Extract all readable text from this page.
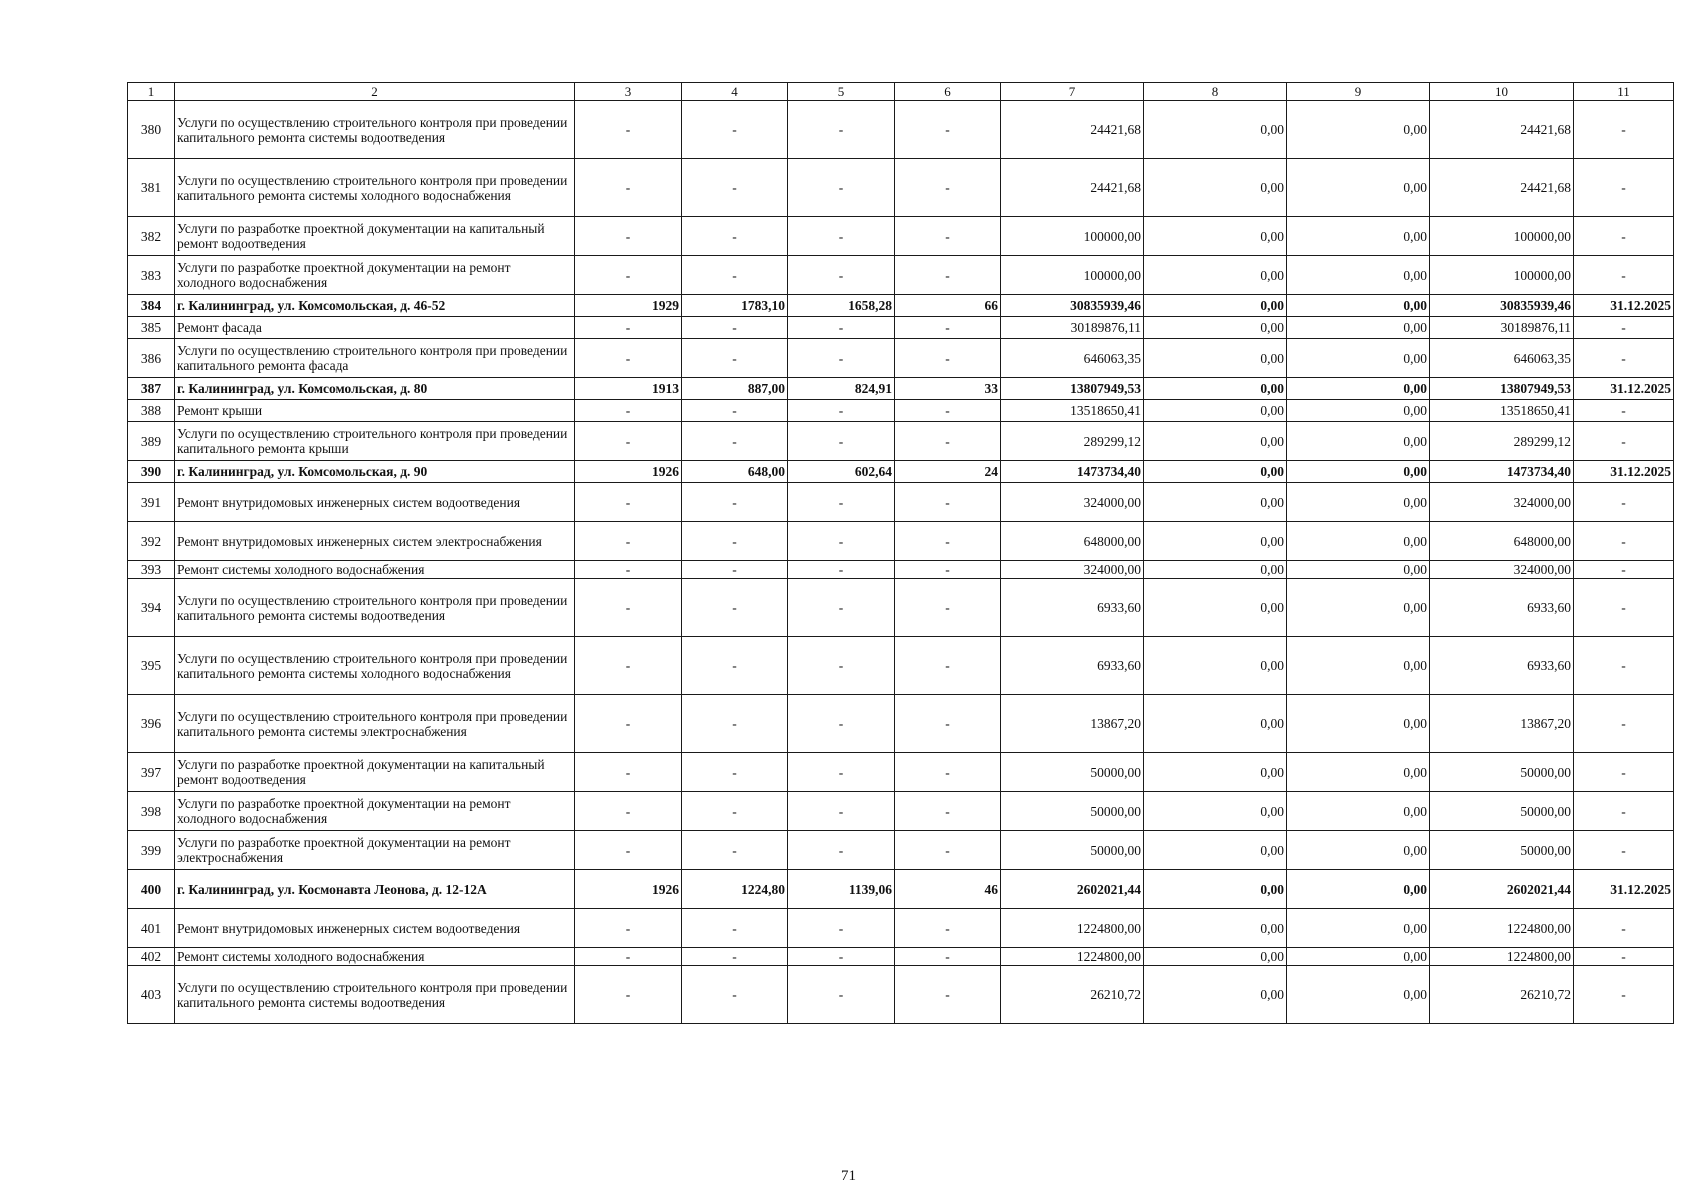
1	2	3	4	5	6	7	8	9	10	11
380	Услуги по осуществлению строительного контроля при проведении капитального ремонта системы водоотведения	-	-	-	-	24421,68	0,00	0,00	24421,68	-
381	Услуги по осуществлению строительного контроля при проведении капитального ремонта системы холодного водоснабжения	-	-	-	-	24421,68	0,00	0,00	24421,68	-
382	Услуги по разработке проектной документации на капитальный ремонт водоотведения	-	-	-	-	100000,00	0,00	0,00	100000,00	-
383	Услуги по разработке проектной документации на ремонт холодного водоснабжения	-	-	-	-	100000,00	0,00	0,00	100000,00	-
384	г. Калининград, ул. Комсомольская, д. 46-52	1929	1783,10	1658,28	66	30835939,46	0,00	0,00	30835939,46	31.12.2025
385	Ремонт фасада	-	-	-	-	30189876,11	0,00	0,00	30189876,11	-
386	Услуги по осуществлению строительного контроля при проведении капитального ремонта фасада	-	-	-	-	646063,35	0,00	0,00	646063,35	-
387	г. Калининград, ул. Комсомольская, д. 80	1913	887,00	824,91	33	13807949,53	0,00	0,00	13807949,53	31.12.2025
388	Ремонт крыши	-	-	-	-	13518650,41	0,00	0,00	13518650,41	-
389	Услуги по осуществлению строительного контроля при проведении капитального ремонта крыши	-	-	-	-	289299,12	0,00	0,00	289299,12	-
390	г. Калининград, ул. Комсомольская, д. 90	1926	648,00	602,64	24	1473734,40	0,00	0,00	1473734,40	31.12.2025
391	Ремонт внутридомовых инженерных систем водоотведения	-	-	-	-	324000,00	0,00	0,00	324000,00	-
392	Ремонт внутридомовых инженерных систем электроснабжения	-	-	-	-	648000,00	0,00	0,00	648000,00	-
393	Ремонт системы холодного водоснабжения	-	-	-	-	324000,00	0,00	0,00	324000,00	-
394	Услуги по осуществлению строительного контроля при проведении капитального ремонта системы водоотведения	-	-	-	-	6933,60	0,00	0,00	6933,60	-
395	Услуги по осуществлению строительного контроля при проведении капитального ремонта системы холодного водоснабжения	-	-	-	-	6933,60	0,00	0,00	6933,60	-
396	Услуги по осуществлению строительного контроля при проведении капитального ремонта системы электроснабжения	-	-	-	-	13867,20	0,00	0,00	13867,20	-
397	Услуги по разработке проектной документации на капитальный ремонт водоотведения	-	-	-	-	50000,00	0,00	0,00	50000,00	-
398	Услуги по разработке проектной документации на ремонт холодного водоснабжения	-	-	-	-	50000,00	0,00	0,00	50000,00	-
399	Услуги по разработке проектной документации на ремонт электроснабжения	-	-	-	-	50000,00	0,00	0,00	50000,00	-
400	г. Калининград, ул. Космонавта Леонова, д. 12-12А	1926	1224,80	1139,06	46	2602021,44	0,00	0,00	2602021,44	31.12.2025
401	Ремонт внутридомовых инженерных систем водоотведения	-	-	-	-	1224800,00	0,00	0,00	1224800,00	-
402	Ремонт системы холодного водоснабжения	-	-	-	-	1224800,00	0,00	0,00	1224800,00	-
403	Услуги по осуществлению строительного контроля при проведении капитального ремонта системы водоотведения	-	-	-	-	26210,72	0,00	0,00	26210,72	-
71
